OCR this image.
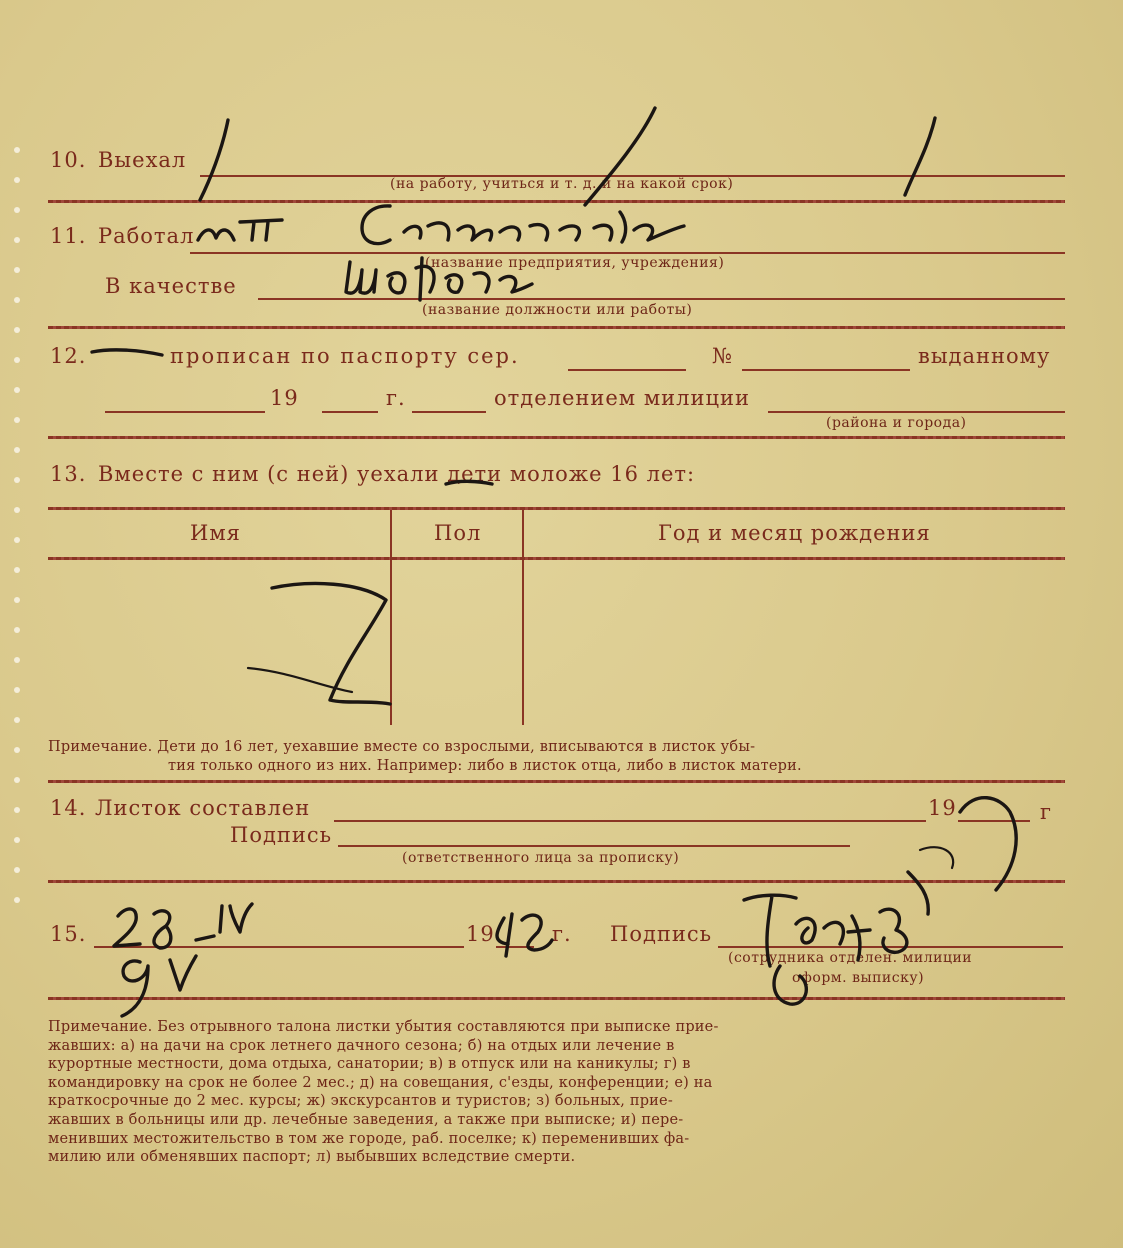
10. Выехал
(на работу, учиться и т. д. и на какой срок)
11. Работал
(название предприятия, учреждения)
В качестве
(название должности или работы)
12.	прописан по паспорту сер.	№	выданному
19	г.	отделением милиции
(района и города)
13. Вместе с ним (с ней) уехали дети моложе 16 лет:
Имя	Пол	Год и месяц рождения

Примечание. Дети до 16 лет, уехавшие вместе со взрослыми, вписываются в листок убы-

тия только одного из них. Например: либо в листок отца, либо в листок матери.

14. Листок составлен	19	г
Подпись
(ответственного лица за прописку)
15.	19	г. Подпись
(сотрудника отделен. милиции
оформ. выписку)

Примечание. Без отрывного талона листки убытия составляются при выписке прие-

жавших: а) на дачи на срок летнего дачного сезона; б) на отдых или лечение в

курортные местности, дома отдыха, санатории; в) в отпуск или на каникулы; г) в

командировку на срок не более 2 мес.; д) на совещания, с'езды, конференции; е) на

краткосрочные до 2 мес. курсы; ж) экскурсантов и туристов; з) больных, прие-

жавших в больницы или др. лечебные заведения, а также при выписке; и) пере-

менивших местожительство в том же городе, раб. поселке; к) переменивших фа-

милию или обменявших паспорт; л) выбывших вследствие смерти.
